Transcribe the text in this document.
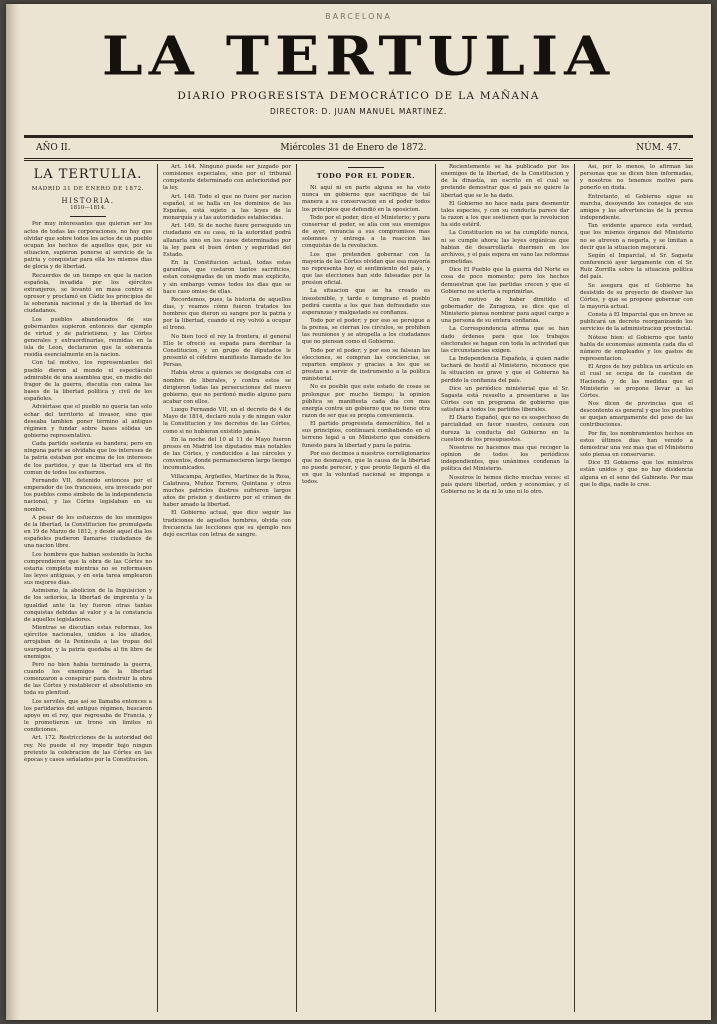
BARCELONA
LA TERTULIA
DIARIO PROGRESISTA DEMOCRÁTICO DE LA MAÑANA
DIRECTOR: D. JUAN MANUEL MARTINEZ.
AÑO II.	Miércoles 31 de Enero de 1872.	NÚM. 47.
LA TERTULIA.
MADRID 31 DE ENERO DE 1872.
HISTORIA.
1810—1814.

Por muy interesantes que quieran ser los actos de todas las corporaciones, no hay que olvidar que sobre todos los actos de un pueblo ocupan los hechos de aquellos que, por su situacion, supieron ponerse al servicio de la patria y conquistar para ella los mismos dias de gloria y de libertad.

Recuerdos de un tiempo en que la nacion española, invadida por los ejércitos extranjeros, se levantó en masa contra el opresor y proclamó en Cádiz los principios de la soberanía nacional y de la libertad de los ciudadanos.

Los pueblos abandonados de sus gobernantes supieron entonces dar ejemplo de virtud y de patriotismo, y las Córtes generales y extraordinarias, reunidas en la isla de Leon, declararon que la soberanía residía esencialmente en la nacion.

Con tal motivo, los representantes del pueblo dieron al mundo el espectáculo admirable de una asamblea que, en medio del fragor de la guerra, discutia con calma las bases de la libertad política y civil de los españoles.

Adviértase que el pueblo no queria tan solo echar del territorio al invasor, sino que deseaba tambien poner término al antiguo régimen y fundar sobre bases sólidas un gobierno representativo.

Cada partido sostenia su bandera; pero en ninguna parte se olvidaba que los intereses de la patria estaban por encima de los intereses de los partidos, y que la libertad era el fin comun de todos los esfuerzos.

Fernando VII, detenido entonces por el emperador de los franceses, era invocado por los pueblos como simbolo de la independencia nacional, y las Córtes legislaban en su nombre.

A pesar de los esfuerzos de los enemigos de la libertad, la Constitucion fue promulgada en 19 de Marzo de 1812, y desde aquel dia los españoles pudieron llamarse ciudadanos de una nacion libre.

Los hombres que habian sostenido la lucha comprendieron que la obra de las Córtes no estaria completa mientras no se reformasen las leyes antiguas, y en esta tarea emplearon sus mejores dias.

Asimismo, la abolicion de la Inquisicion y de los señoríos, la libertad de imprenta y la igualdad ante la ley fueron otras tantas conquistas debidas al valor y a la constancia de aquellos legisladores.

Mientras se discutian estas reformas, los ejércitos nacionales, unidos a los aliados, arrojaban de la Península a las tropas del usurpador, y la patria quedaba al fin libre de enemigos.

Pero no bien habia terminado la guerra, cuando los enemigos de la libertad comenzaron a conspirar para destruir la obra de las Córtes y restablecer el absolutismo en toda su plenitud.

Los servilés, que así se llamaba entonces a los partidarios del antiguo régimen, buscaron apoyo en el rey, que regresaba de Francia, y le prometieron un trono sin límites ni condiciones.

Art. 172. Restricciones de la autoridad del rey. No puede el rey impedir bajo ningun pretexto la celebracion de las Córtes en las épocas y casos señalados por la Constitucion.

Art. 144. Ninguno puede ser juzgado por comisiones especiales, sino por el tribunal competente determinado con anterioridad por la ley.

Art. 148. Todo el que no fuere por nacion español, si se halla en los dominios de las Españas, está sujeto a las leyes de la monarquía y a las autoridades establecidas.

Art. 149. Si de noche fuere perseguido un ciudadano en su casa, ni la autoridad podrá allanarla sino en los casos determinados por la ley para el buen órden y seguridad del Estado.

En la Constitucion actual, todas estas garantías, que costaron tantos sacrificios, estan consignadas de un modo mas explícito, y sin embargo vemos todos los dias que se hace caso omiso de ellas.

Recordemos, pues, la historia de aquellos dias, y veamos cómo fueron tratados los hombres que dieron su sangre por la patria y por la libertad, cuando el rey volvió a ocupar el trono.

No bien tocó el rey la frontera, el general Elío le ofreció su espada para derribar la Constitucion, y un grupo de diputados le presentó el célebre manifiesto llamado de los Persas.

Habia otros a quienes se designaba con el nombre de liberales, y contra estos se dirigieron todas las persecuciones del nuevo gobierno, que no perdonó medio alguno para acabar con ellos.

Luego Fernando VII, en el decreto de 4 de Mayo de 1814, declaró nula y de ningun valor la Constitucion y los decretos de las Córtes, como si no hubieran existido jamás.

En la noche del 10 al 11 de Mayo fueron presos en Madrid los diputados mas notables de las Córtes, y conducidos a las cárceles y conventos, donde permanecieron largo tiempo incomunicados.

Villacampa, Argüelles, Martinez de la Rosa, Calatrava, Muñoz Torrero, Quintana y otros muchos patricios ilustres sufrieron largos años de prision y destierro por el crímen de haber amado la libertad.

El Gobierno actual, que dice seguir las tradiciones de aquellos hombres, olvida con frecuencia las lecciones que su ejemplo nos dejó escritas con letras de sangre.

TODO POR EL PODER.

Ni aquí ni en parte alguna se ha visto nunca un gobierno que sacrifique de tal manera a su conservacion en el poder todos los principios que defendió en la oposicion.

Todo por el poder, dice el Ministerio; y para conservar el poder, se alía con sus enemigos de ayer, renuncia a sus compromisos mas solemnes y entrega a la reaccion las conquistas de la revolucion.

Los que pretenden gobernar con la mayoría de las Córtes olvidan que esa mayoría no representa hoy el sentimiento del país, y que las elecciones han sido falseadas por la presion oficial.

La situacion que se ha creado es insostenible, y tarde o temprano el pueblo pedirá cuenta a los que han defraudado sus esperanzas y malgastado su confianza.

Todo por el poder; y por eso se persigue a la prensa, se cierran los círculos, se prohiben las reuniones y se atropella a los ciudadanos que no piensan como el Gobierno.

Todo por el poder; y por eso se falsean las elecciones, se compran las conciencias, se reparten empleos y gracias a los que se prestan a servir de instrumento a la política ministerial.

No es posible que este estado de cosas se prolongue por mucho tiempo; la opinion pública se manifiesta cada dia con mas energía contra un gobierno que no tiene otra razon de ser que su propia conveniencia.

El partido progresista democrático, fiel a sus principios, continuará combatiendo en el terreno legal a un Ministerio que considera funesto para la libertad y para la patria.

Por eso decimos a nuestros correligionarios que no desmayen, que la causa de la libertad no puede perecer, y que pronto llegará el dia en que la voluntad nacional se imponga a todos.

Recientemente se ha publicado por los enemigos de la libertad, de la Constitucion y de la dinastía, un escrito en el cual se pretende demostrar que el país no quiere la libertad que se le ha dado.

El Gobierno no hace nada para desmentir tales especies, y con su conducta parece dar la razon a los que sostienen que la revolucion ha sido estéril.

La Constitucion no se ha cumplido nunca, ni se cumple ahora; las leyes orgánicas que habian de desarrollarla duermen en los archivos, y el país espera en vano las reformas prometidas.

Dice El Pueblo que la guerra del Norte es cosa de poco momento; pero los hechos demuestran que las partidas crecen y que el Gobierno no acierta a reprimirlas.

Con motivo de haber dimitido el gobernador de Zaragoza, se dice que el Ministerio piensa nombrar para aquel cargo a una persona de su entera confianza.

La Correspondencia afirma que se han dado órdenes para que los trabajos electorales se hagan con toda la actividad que las circunstancias exigen.

La Independencia Española, á quien nadie tachará de hostil al Ministerio, reconoce que la situacion es grave y que el Gobierno ha perdido la confianza del país.

Dice un periódico ministerial que el Sr. Sagasta está resuelto a presentarse a las Córtes con un programa de gobierno que satisfará a todos los partidos liberales.

El Diario Español, que no es sospechoso de parcialidad en favor nuestro, censura con dureza la conducta del Gobierno en la cuestion de los presupuestos.

Nosotros no hacemos mas que recoger la opinion de todos los periódicos independientes, que unánimes condenan la política del Ministerio.

Nosotros lo hemos dicho muchas veces: el país quiere libertad, orden y economías, y el Gobierno no le da ni lo uno ni lo otro.

Así, por lo menos, lo afirman las personas que se dicen bien informadas, y nosotros no tenemos motivo para ponerlo en duda.

Entretanto, el Gobierno sigue su marcha, desoyendo los consejos de sus amigos y las advertencias de la prensa independiente.

Tan evidente aparece esta verdad, que los mismos órganos del Ministerio no se atreven a negarla, y se limitan a decir que la situacion mejorará.

Según el Imparcial, el Sr. Sagasta conferenció ayer largamente con el Sr. Ruiz Zorrilla sobre la situacion política del país.

Se asegura que el Gobierno ha desistido de su proyecto de disolver las Córtes, y que se propone gobernar con la mayoría actual.

Consta á El Imparcial que en breve se publicará un decreto reorganizando los servicios de la administracion provincial.

Nótese bien: el Gobierno que tanto habla de economías aumenta cada dia el número de empleados y los gastos de representacion.

El Argos de hoy publica un artículo en el cual se ocupa de la cuestion de Hacienda y de las medidas que el Ministerio se propone llevar a las Córtes.

Nos dicen de provincias que el descontento es general y que los pueblos se quejan amargamente del peso de las contribuciones.

Por fin, los nombramientos hechos en estos últimos dias han venido a demostrar una vez mas que el Ministerio solo piensa en conservarse.

Dice El Gobierno que los ministros están unidos y que no hay disidencia alguna en el seno del Gabinete. Por mas que lo diga, nadie lo cree.
